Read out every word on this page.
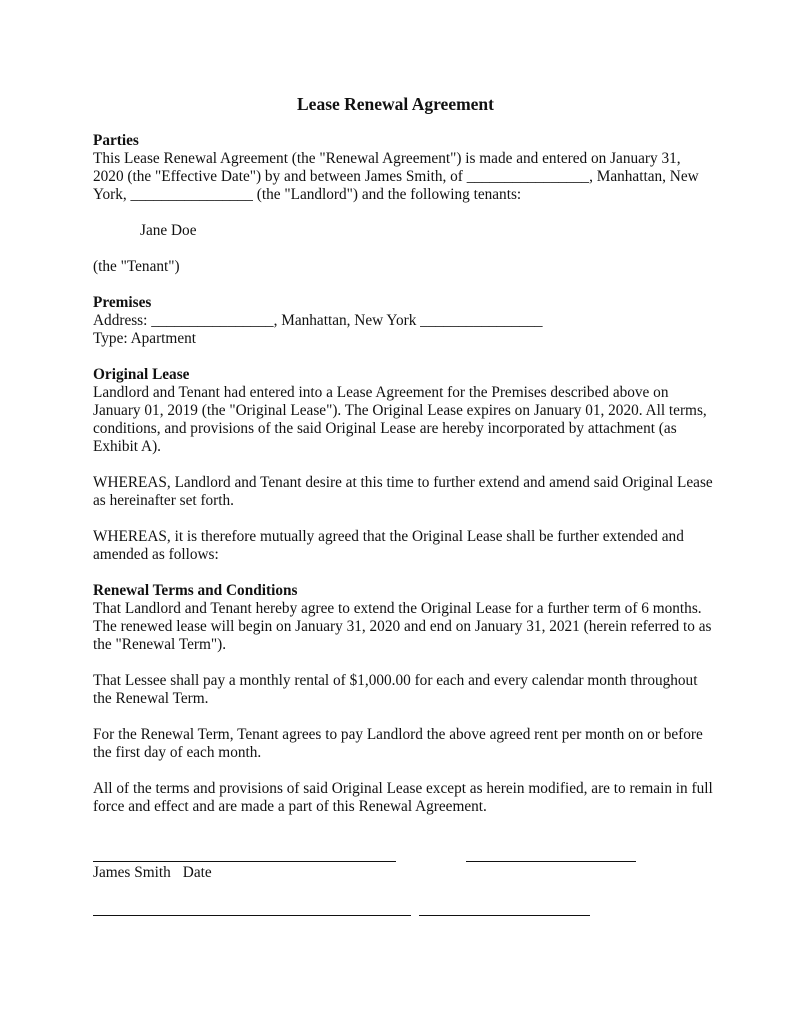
Lease Renewal Agreement

Parties

This Lease Renewal Agreement (the "Renewal Agreement") is made and entered on January 31, 2020 (the "Effective Date") by and between James Smith, of ________________, Manhattan, New York, ________________ (the "Landlord") and the following tenants:

Jane Doe

(the "Tenant")

Premises

Address: ________________, Manhattan, New York ________________

Type: Apartment

Original Lease

Landlord and Tenant had entered into a Lease Agreement for the Premises described above on January 01, 2019 (the "Original Lease"). The Original Lease expires on January 01, 2020. All terms, conditions, and provisions of the said Original Lease are hereby incorporated by attachment (as Exhibit A).

WHEREAS, Landlord and Tenant desire at this time to further extend and amend said Original Lease as hereinafter set forth.

WHEREAS, it is therefore mutually agreed that the Original Lease shall be further extended and amended as follows:

Renewal Terms and Conditions

That Landlord and Tenant hereby agree to extend the Original Lease for a further term of 6 months. The renewed lease will begin on January 31, 2020 and end on January 31, 2021 (herein referred to as the "Renewal Term").

That Lessee shall pay a monthly rental of $1,000.00 for each and every calendar month throughout the Renewal Term.

For the Renewal Term, Tenant agrees to pay Landlord the above agreed rent per month on or before the first day of each month.

All of the terms and provisions of said Original Lease except as herein modified, are to remain in full force and effect and are made a part of this Renewal Agreement.

James Smith Date
